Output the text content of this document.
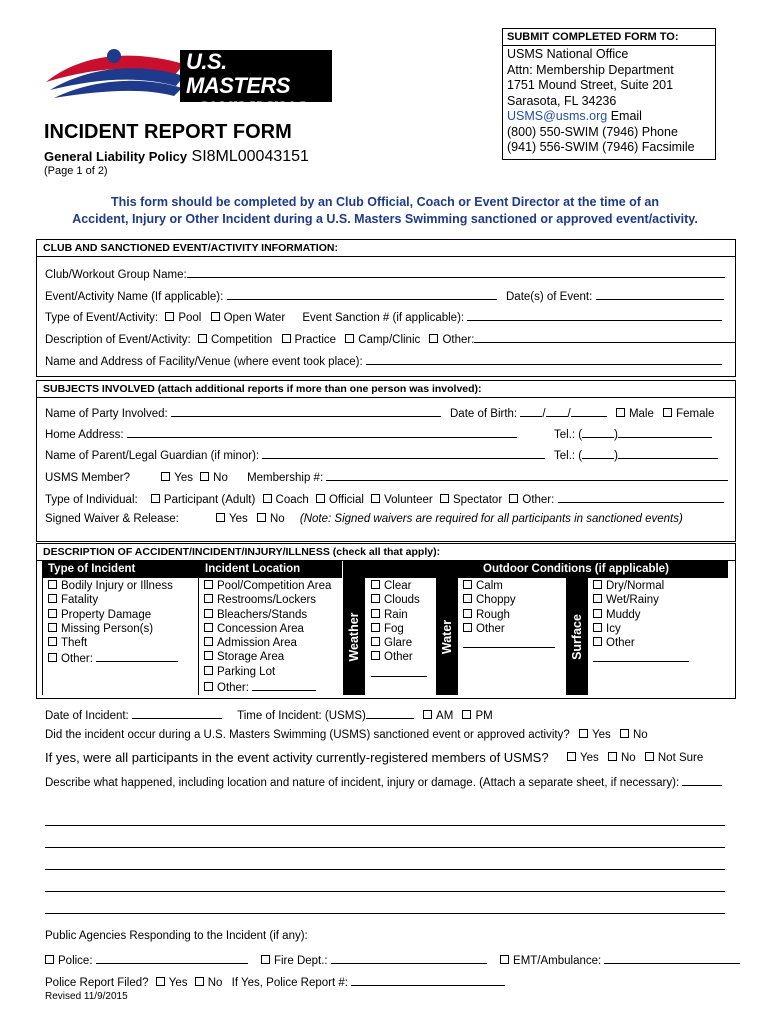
U.S. MASTERS
SWIMMING
SUBMIT COMPLETED FORM TO:
USMS National Office
Attn: Membership Department
1751 Mound Street, Suite 201
Sarasota, FL 34236
USMS@usms.org Email
(800) 550-SWIM (7946) Phone
(941) 556-SWIM (7946) Facsimile
INCIDENT REPORT FORM
General Liability Policy SI8ML00043151
(Page 1 of 2)
This form should be completed by an Club Official, Coach or Event Director at the time of an
Accident, Injury or Other Incident during a U.S. Masters Swimming sanctioned or approved event/activity.
CLUB AND SANCTIONED EVENT/ACTIVITY INFORMATION:
Club/Workout Group Name:
Event/Activity Name (If applicable):	Date(s) of Event:
Type of Event/Activity: Pool Open Water Event Sanction # (if applicable):
Description of Event/Activity: Competition Practice Camp/Clinic Other:
Name and Address of Facility/Venue (where event took place):
SUBJECTS INVOLVED (attach additional reports if more than one person was involved):
Name of Party Involved:	Date of Birth: / /	Male Female
Home Address:	Tel.: (	)
Name of Parent/Legal Guardian (if minor):	Tel.: (	)
USMS Member?	Yes No Membership #:
Type of Individual: Participant (Adult) Coach Official Volunteer Spectator Other:
Signed Waiver & Release:	Yes No (Note: Signed waivers are required for all participants in sanctioned events)
DESCRIPTION OF ACCIDENT/INCIDENT/INJURY/ILLNESS (check all that apply):
Type of Incident	Incident Location	Outdoor Conditions (if applicable)
Bodily Injury or Illness
Fatality
Property Damage
Missing Person(s)
Theft
Other:
Pool/Competition Area
Restrooms/Lockers
Bleachers/Stands
Concession Area
Admission Area
Storage Area
Parking Lot
Other:
Weather
Clear
Clouds
Rain
Fog
Glare
Other
Water
Calm
Choppy
Rough
Other	Surface
Dry/Normal
Wet/Rainy
Muddy
Icy
Other
Date of Incident:	Time of Incident: (USMS)	AM PM
Did the incident occur during a U.S. Masters Swimming (USMS) sanctioned event or approved activity? Yes No
If yes, were all participants in the event activity currently-registered members of USMS?	Yes No Not Sure
Describe what happened, including location and nature of incident, injury or damage. (Attach a separate sheet, if necessary):
Public Agencies Responding to the Incident (if any):
Police:	Fire Dept.:	EMT/Ambulance:
Police Report Filed? Yes No If Yes, Police Report #:
Revised 11/9/2015
